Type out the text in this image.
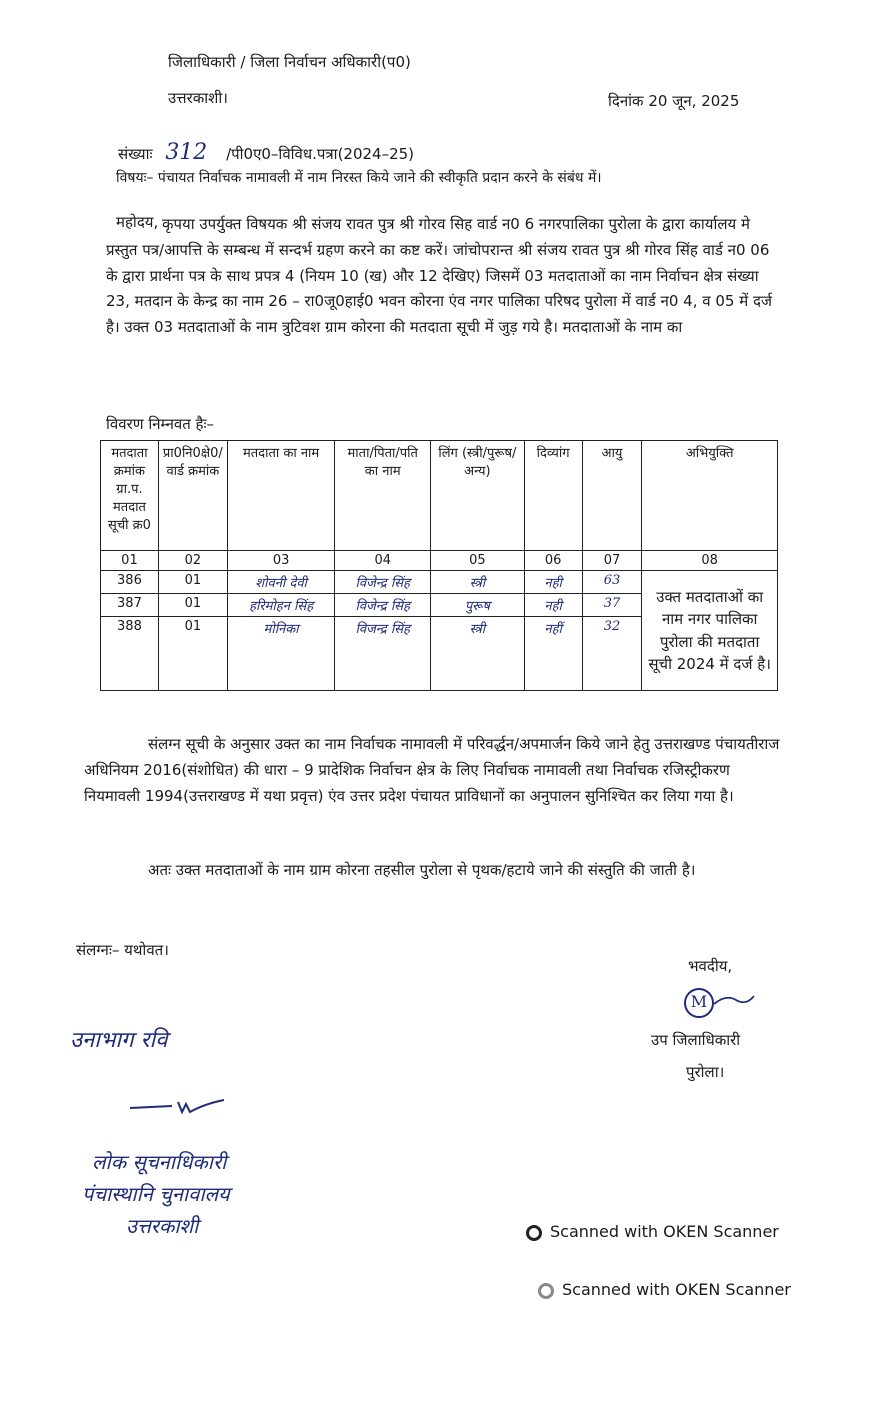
जिलाधिकारी / जिला निर्वाचन अधिकारी(प0)
उत्तरकाशी।	दिनांक 20 जून, 2025
संख्याः 312 /पी0ए0–विविध.पत्रा(2024–25)
विषयः– पंचायत निर्वाचक नामावली में नाम निरस्त किये जाने की स्वीकृति प्रदान करने के संबंध में।
महोदय, कृपया उपर्युक्त विषयक श्री संजय रावत पुत्र श्री गोरव सिह वार्ड न0 6 नगरपालिका पुरोला के द्वारा कार्यालय मे प्रस्तुत पत्र/आपत्ति के सम्बन्ध में सन्दर्भ ग्रहण करने का कष्ट करें। जांचोपरान्त श्री संजय रावत पुत्र श्री गोरव सिंह वार्ड न0 06 के द्वारा प्रार्थना पत्र के साथ प्रपत्र 4 (नियम 10 (ख) और 12 देखिए) जिसमें 03 मतदाताओं का नाम निर्वाचन क्षेत्र संख्या 23, मतदान के केन्द्र का नाम 26 – रा0जू0हाई0 भवन कोरना एंव नगर पालिका परिषद पुरोला में वार्ड न0 4, व 05 में दर्ज है। उक्त 03 मतदाताओं के नाम त्रुटिवश ग्राम कोरना की मतदाता सूची में जुड़ गये है। मतदाताओं के नाम का
विवरण निम्नवत हैः–
मतदाता क्रमांक ग्रा.प. मतदात सूची क्र0	प्रा0नि0क्षे0/वार्ड क्रमांक	मतदाता का नाम	माता/पिता/पति का नाम	लिंग (स्त्री/पुरूष/अन्य)	दिव्यांग	आयु	अभियुक्ति
01	02	03	04	05	06	07	08
386	01	शोवनी देवी	विजेन्द्र सिंह	स्त्री	नही	63	उक्त मतदाताओं का नाम नगर पालिका पुरोला की मतदाता सूची 2024 में दर्ज है।
387	01	हरिमोहन सिंह	विजेन्द्र सिंह	पुरूष	नही	37	
388	01	मोनिका	विजन्द्र सिंह	स्त्री	नहीं	32	
संलग्न सूची के अनुसार उक्त का नाम निर्वाचक नामावली में परिवर्द्धन/अपमार्जन किये जाने हेतु उत्तराखण्ड पंचायतीराज अधिनियम 2016(संशोधित) की धारा – 9 प्रादेशिक निर्वाचन क्षेत्र के लिए निर्वाचक नामावली तथा निर्वाचक रजिस्ट्रीकरण नियमावली 1994(उत्तराखण्ड में यथा प्रवृत्त) एंव उत्तर प्रदेश पंचायत प्राविधानों का अनुपालन सुनिश्चित कर लिया गया है।
अतः उक्त मतदाताओं के नाम ग्राम कोरना तहसील पुरोला से पृथक/हटाये जाने की संस्तुति की जाती है।
संलग्नः– यथोवत।
भवदीय,
M
उप जिलाधिकारी
पुरोला।
उनाभाग रवि
लोक सूचनाधिकारी
पंचास्थानि चुनावालय
उत्तरकाशी	Scanned with OKEN Scanner
Scanned with OKEN Scanner
